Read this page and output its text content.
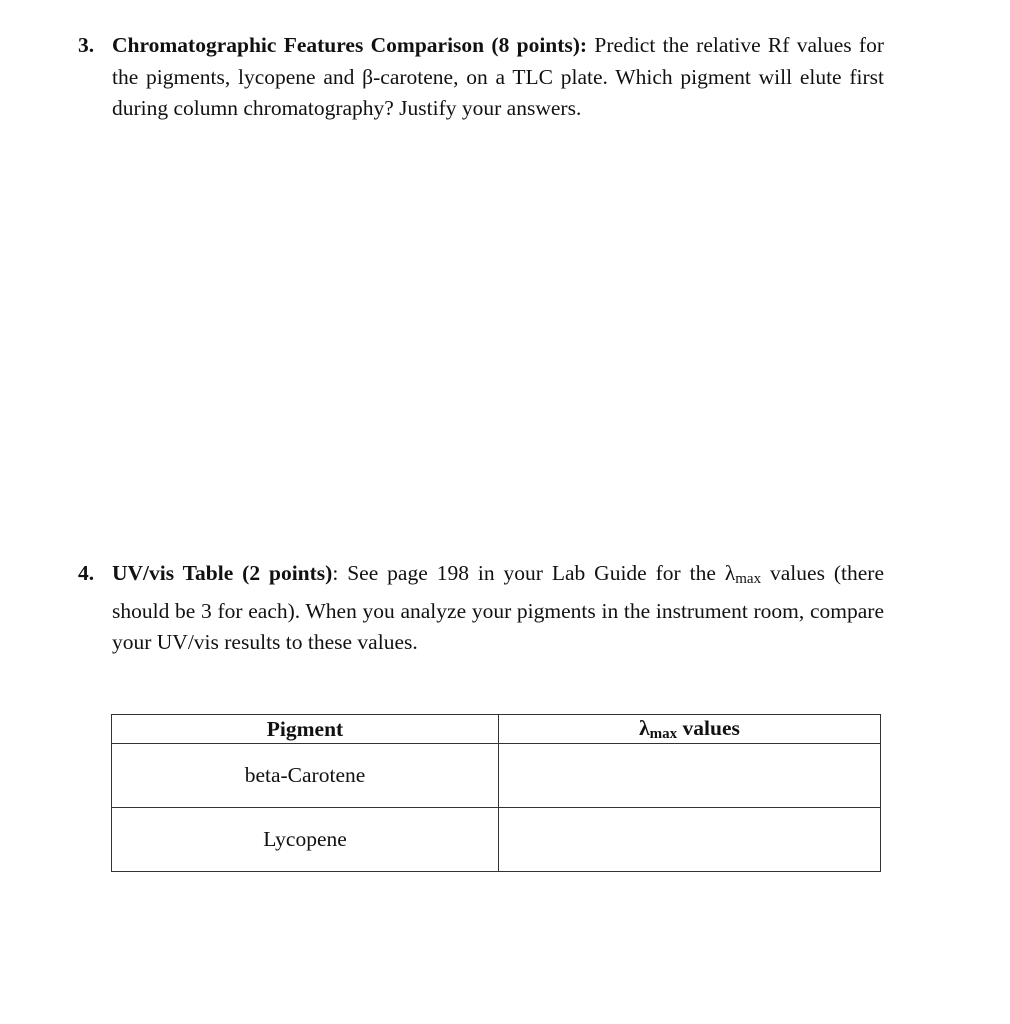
3. Chromatographic Features Comparison (8 points): Predict the relative Rf values for the pigments, lycopene and β-carotene, on a TLC plate. Which pigment will elute first during column chromatography? Justify your answers.
4. UV/vis Table (2 points): See page 198 in your Lab Guide for the $\lambda_{max}$ values (there should be 3 for each). When you analyze your pigments in the instrument room, compare your UV/vis results to these values.
Pigment	$\lambda_{max}$ values
beta-Carotene	
Lycopene	
